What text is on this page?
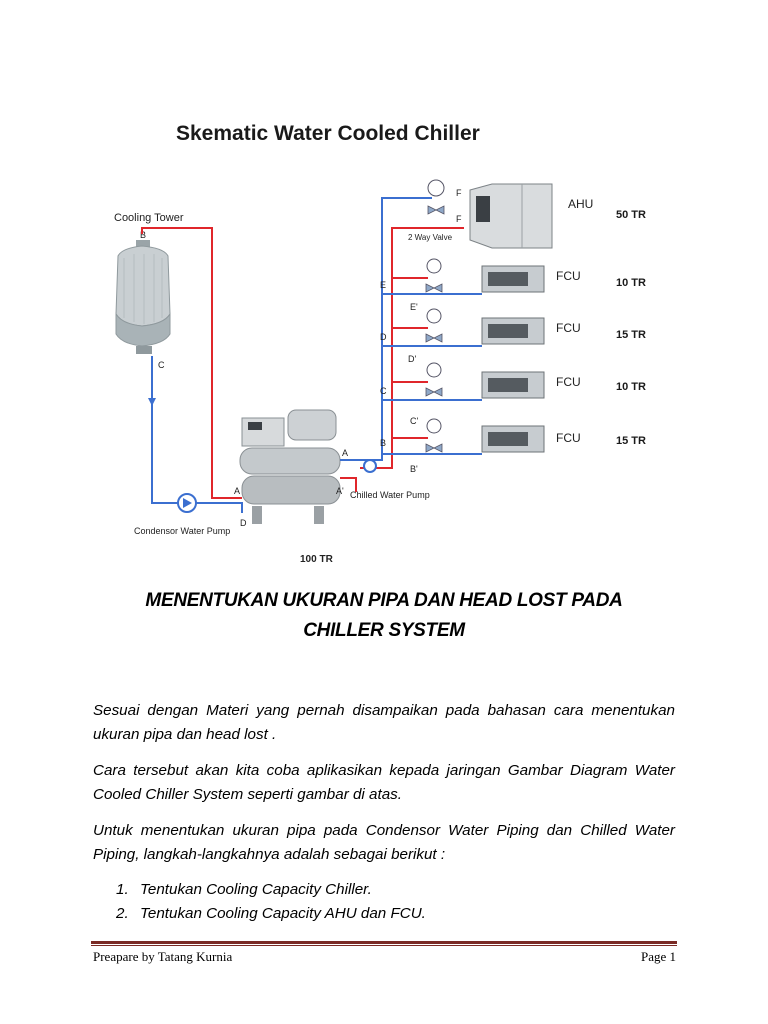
Skematic Water Cooled Chiller
Cooling Tower
B
C
Condensor Water Pump
A
D
100 TR
A
A' Chilled Water Pump
E
E'
D
D'
C
C'
B
B'
F
F
2 Way Valve
AHU
50 TR
FCU	10 TR
FCU	15 TR
FCU	10 TR
FCU	15 TR
MENENTUKAN UKURAN PIPA DAN HEAD LOST PADA
CHILLER SYSTEM
Sesuai dengan Materi yang pernah disampaikan pada bahasan cara menentukan ukuran pipa dan head lost .
Cara tersebut akan kita coba aplikasikan kepada jaringan Gambar Diagram Water Cooled Chiller System seperti gambar di atas.
Untuk menentukan ukuran pipa pada Condensor Water Piping dan Chilled Water Piping, langkah-langkahnya adalah sebagai berikut :
1. Tentukan Cooling Capacity Chiller.
2. Tentukan Cooling Capacity AHU dan FCU.
Preapare by Tatang Kurnia	Page 1
